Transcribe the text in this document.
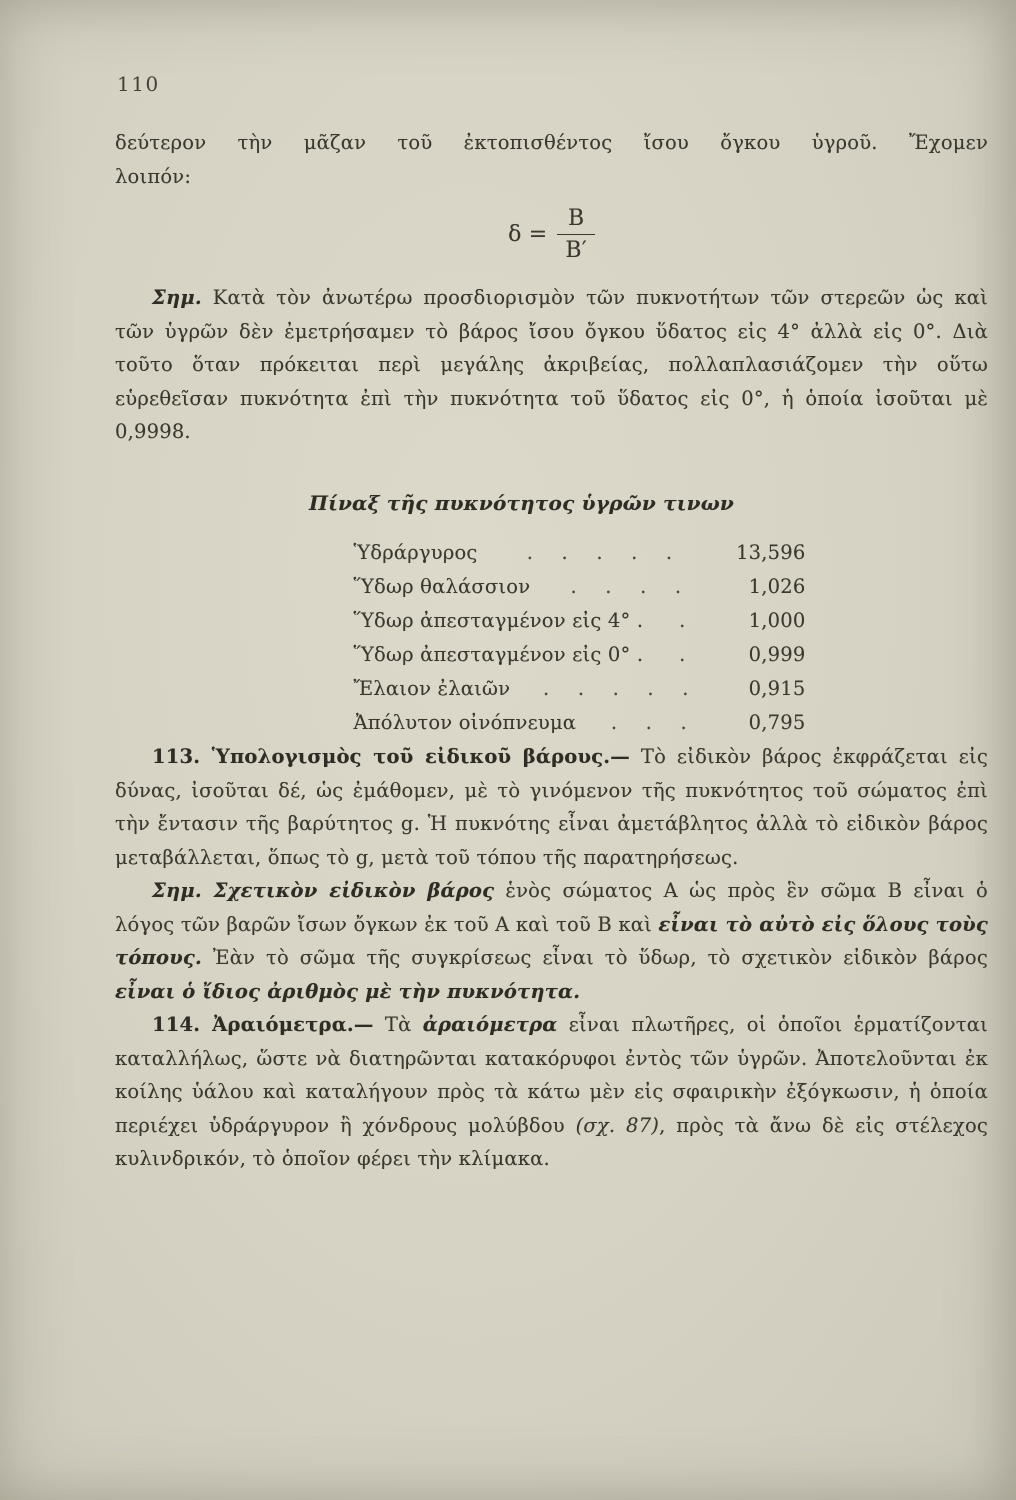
110

δεύτερον τὴν μᾶζαν τοῦ ἐκτοπισθέντος ἴσου ὄγκου ὑγροῦ. Ἔχομεν
λοιπόν:

$\delta = \frac{B}{B'}$

Σημ. Κατὰ τὸν ἀνωτέρω προσδιορισμὸν τῶν πυκνοτήτων τῶν στερεῶν ὡς καὶ τῶν ὑγρῶν δὲν ἐμετρήσαμεν τὸ βάρος ἴσου ὄγκου ὕδατος εἰς 4° ἀλλὰ εἰς 0°. Διὰ τοῦτο ὅταν πρόκειται περὶ μεγάλης ἀκριβείας, πολλαπλασιάζομεν τὴν οὕτω εὑρεθεῖσαν πυκνότητα ἐπὶ τὴν πυκνότητα τοῦ ὕδατος εἰς 0°, ἡ ὁποία ἰσοῦται μὲ 0,9998.

Πίναξ τῆς πυκνότητος ὑγρῶν τινων
Ὑδράργυρος	. . . . .	13,596
Ὕδωρ θαλάσσιον	. . . .	1,026
Ὕδωρ ἀπεσταγμένον εἰς 4° .	.	1,000
Ὕδωρ ἀπεσταγμένον εἰς 0° .	.	0,999
Ἔλαιον ἐλαιῶν	. . . . .	0,915
Ἀπόλυτον οἰνόπνευμα	. . .	0,795

113. Ὑπολογισμὸς τοῦ εἰδικοῦ βάρους.— Τὸ εἰδικὸν βάρος ἐκφράζεται εἰς δύνας, ἰσοῦται δέ, ὡς ἐμάθομεν, μὲ τὸ γινόμενον τῆς πυκνότητος τοῦ σώματος ἐπὶ τὴν ἔντασιν τῆς βαρύτητος g. Ἡ πυκνότης εἶναι ἀμετάβλητος ἀλλὰ τὸ εἰδικὸν βάρος μεταβάλλεται, ὅπως τὸ g, μετὰ τοῦ τόπου τῆς παρατηρήσεως.

Σημ. Σχετικὸν εἰδικὸν βάρος ἑνὸς σώματος Α ὡς πρὸς ἓν σῶμα Β εἶναι ὁ λόγος τῶν βαρῶν ἴσων ὄγκων ἐκ τοῦ Α καὶ τοῦ Β καὶ εἶναι τὸ αὐτὸ εἰς ὅλους τοὺς τόπους. Ἐὰν τὸ σῶμα τῆς συγκρίσεως εἶναι τὸ ὕδωρ, τὸ σχετικὸν εἰδικὸν βάρος εἶναι ὁ ἴδιος ἀριθμὸς μὲ τὴν πυκνότητα.

114. Ἀραιόμετρα.— Τὰ ἀραιόμετρα εἶναι πλωτῆρες, οἱ ὁποῖοι ἑρματίζονται καταλλήλως, ὥστε νὰ διατηρῶνται κατακόρυφοι ἐντὸς τῶν ὑγρῶν. Ἀποτελοῦνται ἐκ κοίλης ὑάλου καὶ καταλήγουν πρὸς τὰ κάτω μὲν εἰς σφαιρικὴν ἐξόγκωσιν, ἡ ὁποία περιέχει ὑδράργυρον ἢ χόνδρους μολύβδου (σχ. 87), πρὸς τὰ ἄνω δὲ εἰς στέλεχος κυλινδρικόν, τὸ ὁποῖον φέρει τὴν κλίμακα.
